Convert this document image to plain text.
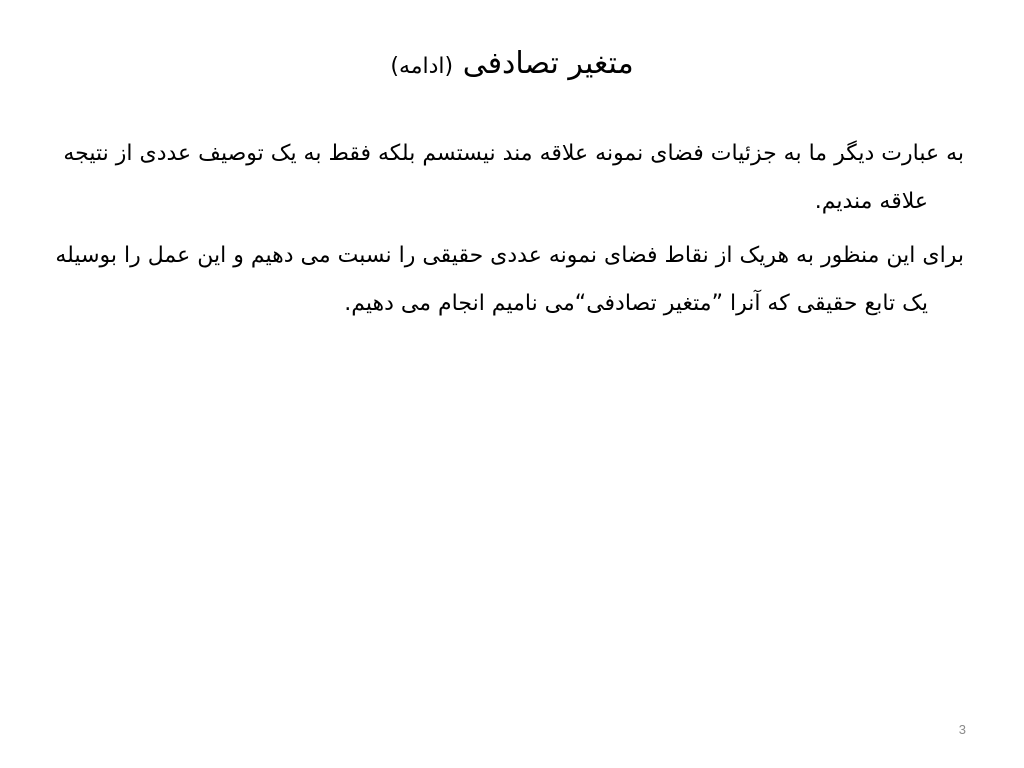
متغیر تصادفی (ادامه)

به عبارت دیگر ما به جزئیات فضای نمونه علاقه مند نیستسم بلکه فقط به یک توصیف عددی از نتیجه علاقه مندیم.

برای این منظور به هریک از نقاط فضای نمونه عددی حقیقی را نسبت می دهیم و این عمل را بوسیله یک تابع حقیقی که آنرا ”متغیر تصادفی“می نامیم انجام می دهیم.

3
